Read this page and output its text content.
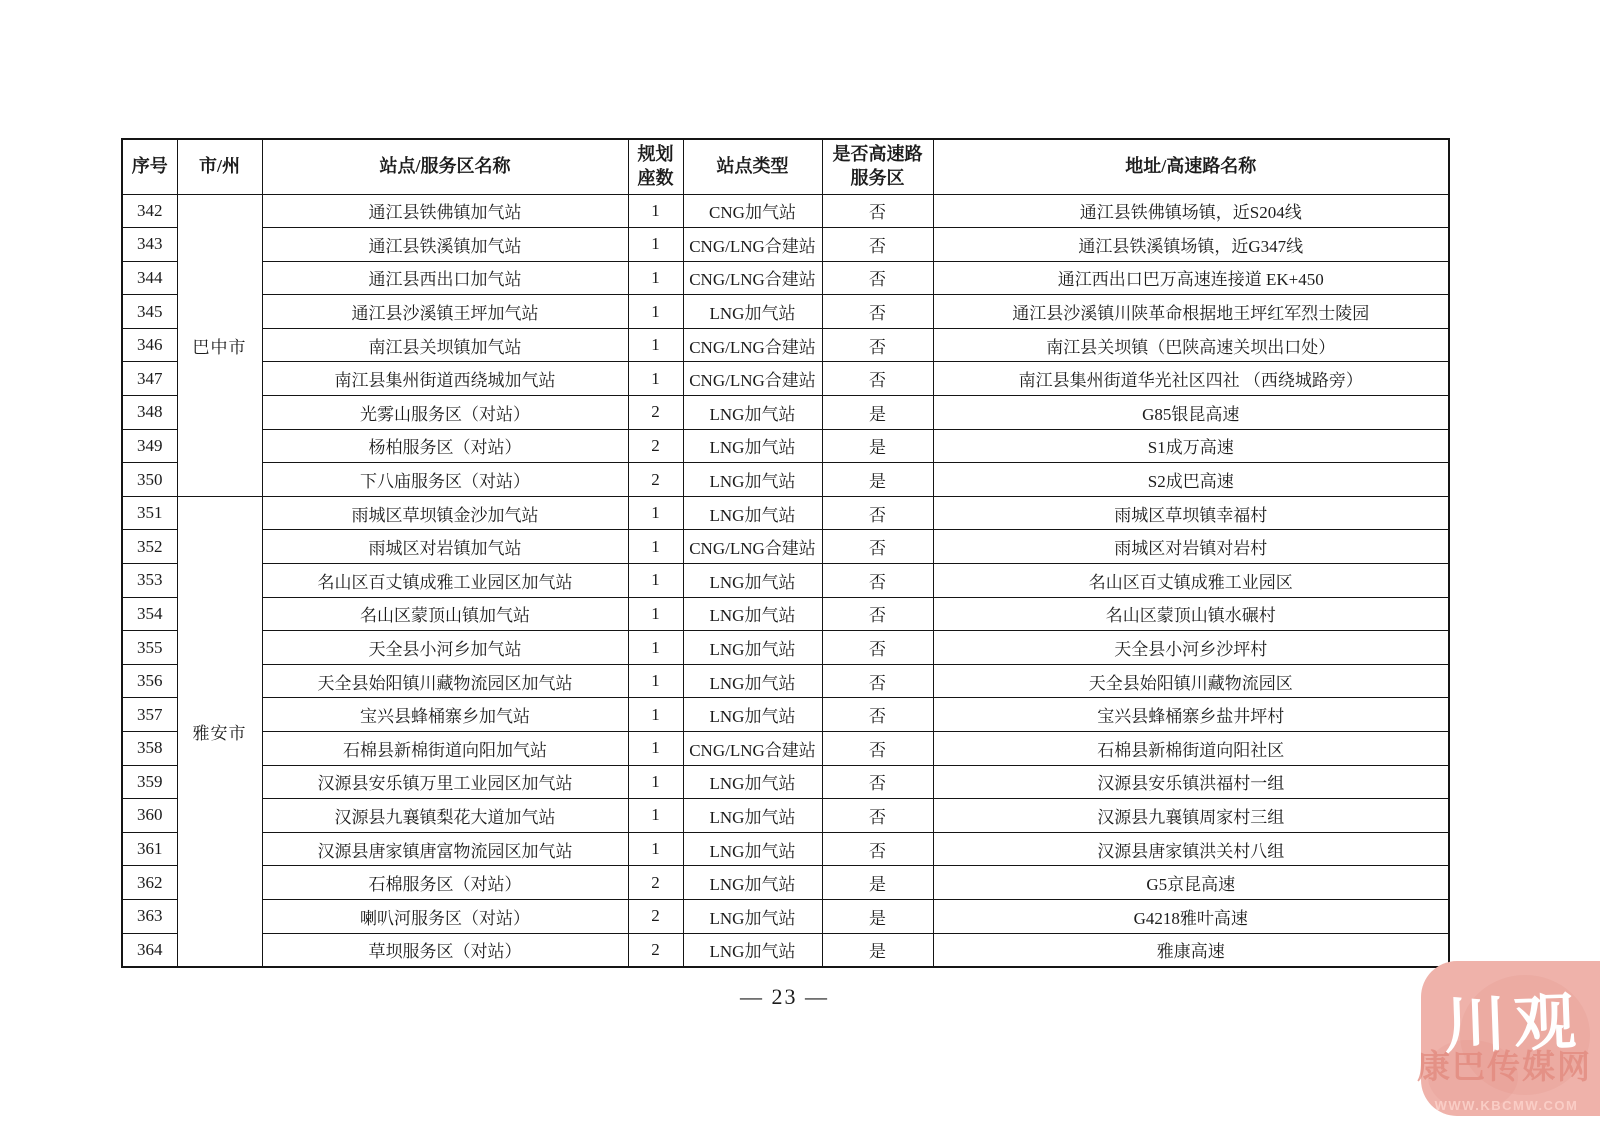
序号	市/州	站点/服务区名称	规划座数	站点类型	是否高速路服务区	地址/高速路名称
342	巴中市	通江县铁佛镇加气站	1	CNG加气站	否	通江县铁佛镇场镇，近S204线
343		通江县铁溪镇加气站	1	CNG/LNG合建站	否	通江县铁溪镇场镇，近G347线
344		通江县西出口加气站	1	CNG/LNG合建站	否	通江西出口巴万高速连接道 EK+450
345		通江县沙溪镇王坪加气站	1	LNG加气站	否	通江县沙溪镇川陕革命根据地王坪红军烈士陵园
346		南江县关坝镇加气站	1	CNG/LNG合建站	否	南江县关坝镇（巴陕高速关坝出口处）
347		南江县集州街道西绕城加气站	1	CNG/LNG合建站	否	南江县集州街道华光社区四社 （西绕城路旁）
348		光雾山服务区（对站）	2	LNG加气站	是	G85银昆高速
349		杨柏服务区（对站）	2	LNG加气站	是	S1成万高速
350		下八庙服务区（对站）	2	LNG加气站	是	S2成巴高速
351	雅安市	雨城区草坝镇金沙加气站	1	LNG加气站	否	雨城区草坝镇幸福村
352		雨城区对岩镇加气站	1	CNG/LNG合建站	否	雨城区对岩镇对岩村
353		名山区百丈镇成雅工业园区加气站	1	LNG加气站	否	名山区百丈镇成雅工业园区
354		名山区蒙顶山镇加气站	1	LNG加气站	否	名山区蒙顶山镇水碾村
355		天全县小河乡加气站	1	LNG加气站	否	天全县小河乡沙坪村
356		天全县始阳镇川藏物流园区加气站	1	LNG加气站	否	天全县始阳镇川藏物流园区
357		宝兴县蜂桶寨乡加气站	1	LNG加气站	否	宝兴县蜂桶寨乡盐井坪村
358		石棉县新棉街道向阳加气站	1	CNG/LNG合建站	否	石棉县新棉街道向阳社区
359		汉源县安乐镇万里工业园区加气站	1	LNG加气站	否	汉源县安乐镇洪福村一组
360		汉源县九襄镇梨花大道加气站	1	LNG加气站	否	汉源县九襄镇周家村三组
361		汉源县唐家镇唐富物流园区加气站	1	LNG加气站	否	汉源县唐家镇洪关村八组
362		石棉服务区（对站）	2	LNG加气站	是	G5京昆高速
363		喇叭河服务区（对站）	2	LNG加气站	是	G4218雅叶高速
364		草坝服务区（对站）	2	LNG加气站	是	雅康高速
— 23 —	川观
康巴传媒网
WWW.KBCMW.COM
